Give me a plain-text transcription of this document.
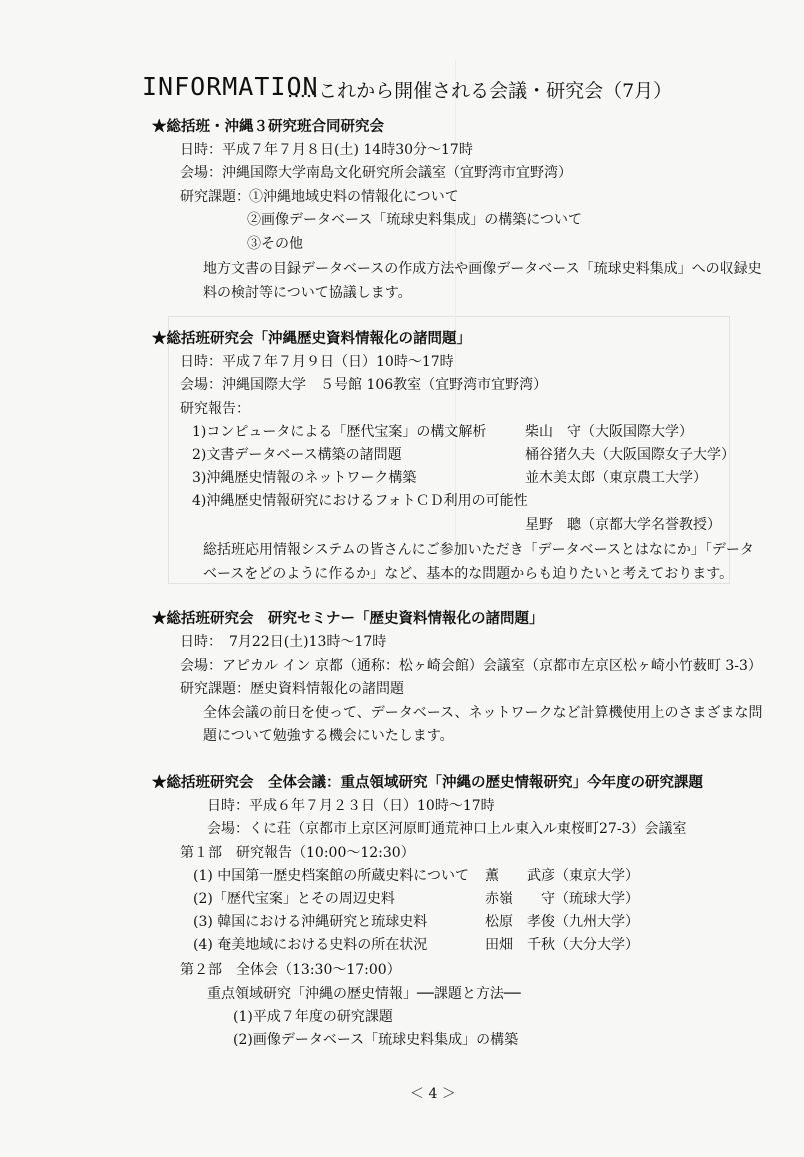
INFORMATION
…..これから開催される会議・研究会（7月）
★総括班・沖縄３研究班合同研究会
日時：平成７年７月８日(土) 14時30分～17時
会場：沖縄国際大学南島文化研究所会議室（宜野湾市宜野湾）
研究課題： ①沖縄地域史料の情報化について
②画像データベース「琉球史料集成」の構築について
③その他
地方文書の目録データベースの作成方法や画像データベース「琉球史料集成」への収録史
料の検討等について協議します。
★総括班研究会「沖縄歴史資料情報化の諸問題」
日時：平成７年７月９日（日）10時～17時
会場：沖縄国際大学　５号館 106教室（宜野湾市宜野湾）
研究報告：
1)コンピュータによる「歴代宝案」の構文解析	柴山　守（大阪国際大学）
2)文書データベース構築の諸問題	桶谷猪久夫（大阪国際女子大学）
3)沖縄歴史情報のネットワーク構築	並木美太郎（東京農工大学）
4)沖縄歴史情報研究におけるフォトＣＤ利用の可能性
星野　聰（京都大学名誉教授）
総括班応用情報システムの皆さんにご参加いただき「データベースとはなにか」「データ
ベースをどのように作るか」など、基本的な問題からも迫りたいと考えております。
★総括班研究会　研究セミナー「歴史資料情報化の諸問題」
日時：　7月22日(土)13時～17時
会場：アピカル イン 京都（通称：松ヶ崎会館）会議室（京都市左京区松ヶ崎小竹薮町 3-3）
研究課題：歴史資料情報化の諸問題
全体会議の前日を使って、データベース、ネットワークなど計算機使用上のさまざまな問
題について勉強する機会にいたします。
★総括班研究会　全体会議：重点領域研究「沖縄の歴史情報研究」今年度の研究課題
日時：平成６年７月２３日（日）10時～17時
会場：くに荘（京都市上京区河原町通荒神口上ル東入ル東桜町27-3）会議室
第１部　研究報告（10:00～12:30）
(1) 中国第一歴史档案館の所蔵史料について 薫　　武彦（東京大学）
(2)「歴代宝案」とその周辺史料	赤嶺　　守（琉球大学）
(3) 韓国における沖縄研究と琉球史料	松原　孝俊（九州大学）
(4) 奄美地域における史料の所在状況	田畑　千秋（大分大学）
第２部　全体会（13:30～17:00）
重点領域研究「沖縄の歴史情報」──課題と方法──
(1)平成７年度の研究課題
(2)画像データベース「琉球史料集成」の構築
＜ 4 ＞
